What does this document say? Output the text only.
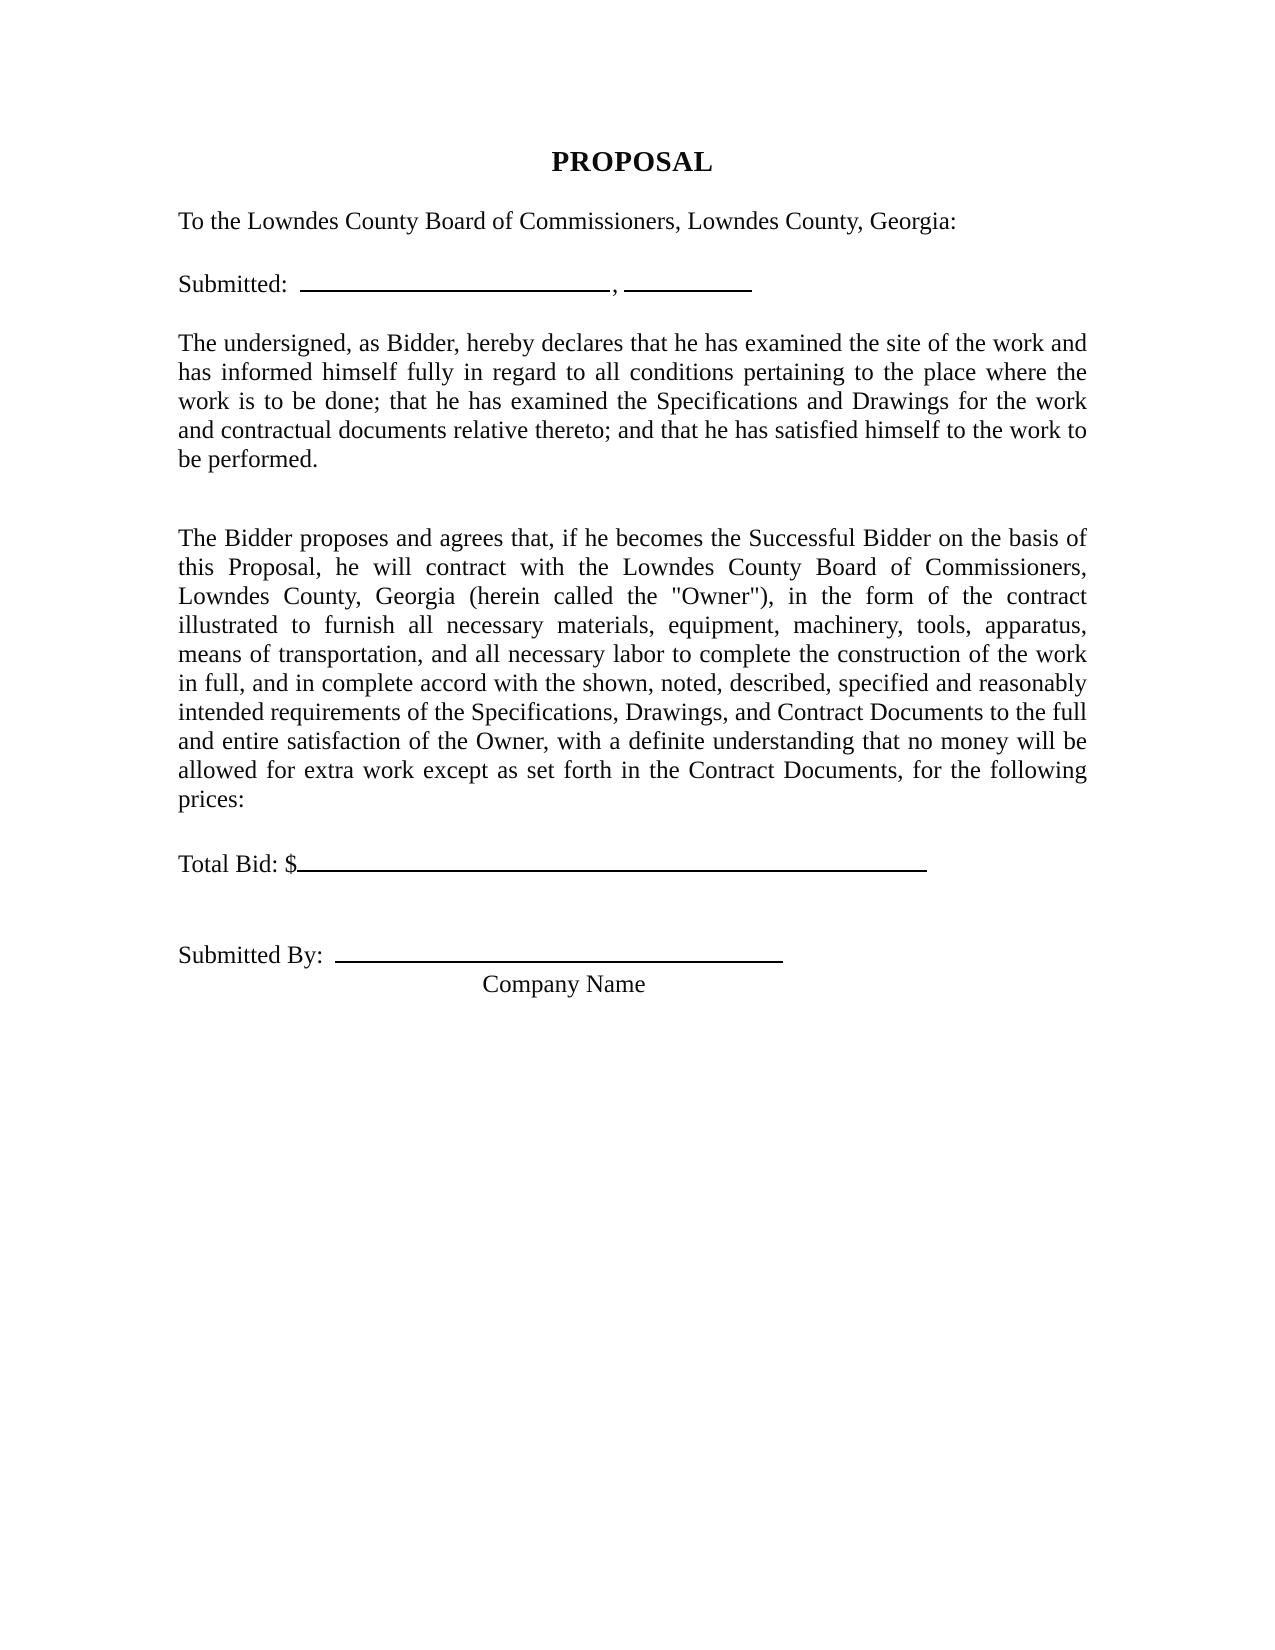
PROPOSAL

To the Lowndes County Board of Commissioners, Lowndes County, Georgia:

Submitted:	,

The undersigned, as Bidder, hereby declares that he has examined the site of the work and has informed himself fully in regard to all conditions pertaining to the place where the work is to be done; that he has examined the Specifications and Drawings for the work and contractual documents relative thereto; and that he has satisfied himself to the work to be performed.

The Bidder proposes and agrees that, if he becomes the Successful Bidder on the basis of this Proposal, he will contract with the Lowndes County Board of Commissioners, Lowndes County, Georgia (herein called the "Owner"), in the form of the contract illustrated to furnish all necessary materials, equipment, machinery, tools, apparatus, means of transportation, and all necessary labor to complete the construction of the work in full, and in complete accord with the shown, noted, described, specified and reasonably intended requirements of the Specifications, Drawings, and Contract Documents to the full and entire satisfaction of the Owner, with a definite understanding that no money will be allowed for extra work except as set forth in the Contract Documents, for the following prices:

Total Bid: $
Submitted By:
Company Name
